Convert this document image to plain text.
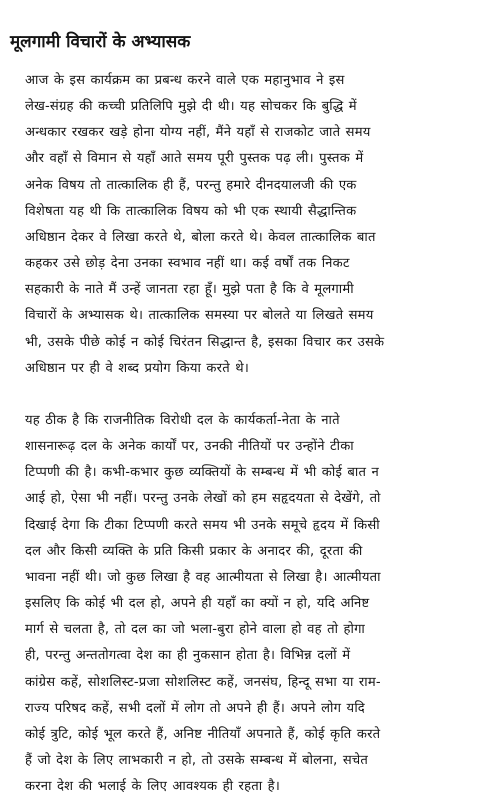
मूलगामी विचारों के अभ्यासक
आज के इस कार्यक्रम का प्रबन्ध करने वाले एक महानुभाव ने इस
लेख-संग्रह की कच्ची प्रतिलिपि मुझे दी थी। यह सोचकर कि बुद्धि में
अन्धकार रखकर खड़े होना योग्य नहीं, मैंने यहाँ से राजकोट जाते समय
और वहाँ से विमान से यहाँ आते समय पूरी पुस्तक पढ़ ली। पुस्तक में
अनेक विषय तो तात्कालिक ही हैं, परन्तु हमारे दीनदयालजी की एक
विशेषता यह थी कि तात्कालिक विषय को भी एक स्थायी सैद्धान्तिक
अधिष्ठान देकर वे लिखा करते थे, बोला करते थे। केवल तात्कालिक बात
कहकर उसे छोड़ देना उनका स्वभाव नहीं था। कई वर्षों तक निकट
सहकारी के नाते मैं उन्हें जानता रहा हूँ। मुझे पता है कि वे मूलगामी
विचारों के अभ्यासक थे। तात्कालिक समस्या पर बोलते या लिखते समय
भी, उसके पीछे कोई न कोई चिरंतन सिद्धान्त है, इसका विचार कर उसके
अधिष्ठान पर ही वे शब्द प्रयोग किया करते थे।
यह ठीक है कि राजनीतिक विरोधी दल के कार्यकर्ता-नेता के नाते
शासनारूढ़ दल के अनेक कार्यों पर, उनकी नीतियों पर उन्होंने टीका
टिप्पणी की है। कभी-कभार कुछ व्यक्तियों के सम्बन्ध में भी कोई बात न
आई हो, ऐसा भी नहीं। परन्तु उनके लेखों को हम सहृदयता से देखेंगे, तो
दिखाई देगा कि टीका टिप्पणी करते समय भी उनके समूचे हृदय में किसी
दल और किसी व्यक्ति के प्रति किसी प्रकार के अनादर की, दूरता की
भावना नहीं थी। जो कुछ लिखा है वह आत्मीयता से लिखा है। आत्मीयता
इसलिए कि कोई भी दल हो, अपने ही यहाँ का क्यों न हो, यदि अनिष्ट
मार्ग से चलता है, तो दल का जो भला-बुरा होने वाला हो वह तो होगा
ही, परन्तु अन्ततोगत्वा देश का ही नुकसान होता है। विभिन्न दलों में
कांग्रेस कहें, सोशलिस्ट-प्रजा सोशलिस्ट कहें, जनसंघ, हिन्दू सभा या राम-
राज्य परिषद कहें, सभी दलों में लोग तो अपने ही हैं। अपने लोग यदि
कोई त्रुटि, कोई भूल करते हैं, अनिष्ट नीतियाँ अपनाते हैं, कोई कृति करते
हैं जो देश के लिए लाभकारी न हो, तो उसके सम्बन्ध में बोलना, सचेत
करना देश की भलाई के लिए आवश्यक ही रहता है।
